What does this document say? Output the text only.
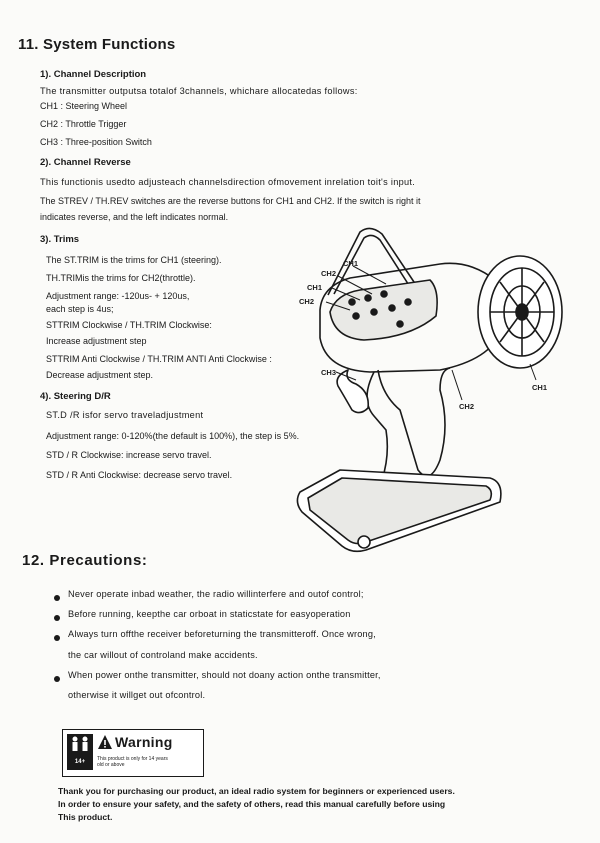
11. System Functions
1). Channel Description
The transmitter outputsa totalof 3channels, whichare allocatedas follows:
CH1 : Steering Wheel
CH2 : Throttle Trigger
CH3 : Three-position Switch
2). Channel Reverse
This functionis usedto adjusteach channelsdirection ofmovement inrelation toit's input.
The STREV / TH.REV switches are the reverse buttons for CH1 and CH2. If the switch is right it
indicates reverse, and the left indicates normal.
3). Trims
The ST.TRIM is the trims for CH1 (steering).
TH.TRIMis the trims for CH2(throttle).
Adjustment range: -120us- + 120us,
each step is 4us;
STTRIM Clockwise / TH.TRIM Clockwise:
Increase adjustment step
STTRIM Anti Clockwise / TH.TRIM ANTI Anti Clockwise :
Decrease adjustment step.
4). Steering D/R
ST.D /R isfor servo traveladjustment
Adjustment range: 0-120%(the default is 100%), the step is 5%.
STD / R Clockwise: increase servo travel.
STD / R Anti Clockwise: decrease servo travel.
CH1
CH2
CH1
CH2
CH3
CH2
CH1
12. Precautions:
Never operate inbad weather, the radio willinterfere and outof control;
Before running, keepthe car orboat in staticstate for easyoperation
Always turn offthe receiver beforeturning the transmitteroff. Once wrong,
the car willout of controland make accidents.
When power onthe transmitter, should not doany action onthe transmitter,
otherwise it willget out ofcontrol.
14+
Warning
This product is only for 14 years
old or above
Thank you for purchasing our product, an ideal radio system for beginners or experienced users.
In order to ensure your safety, and the safety of others, read this manual carefully before using
This product.
